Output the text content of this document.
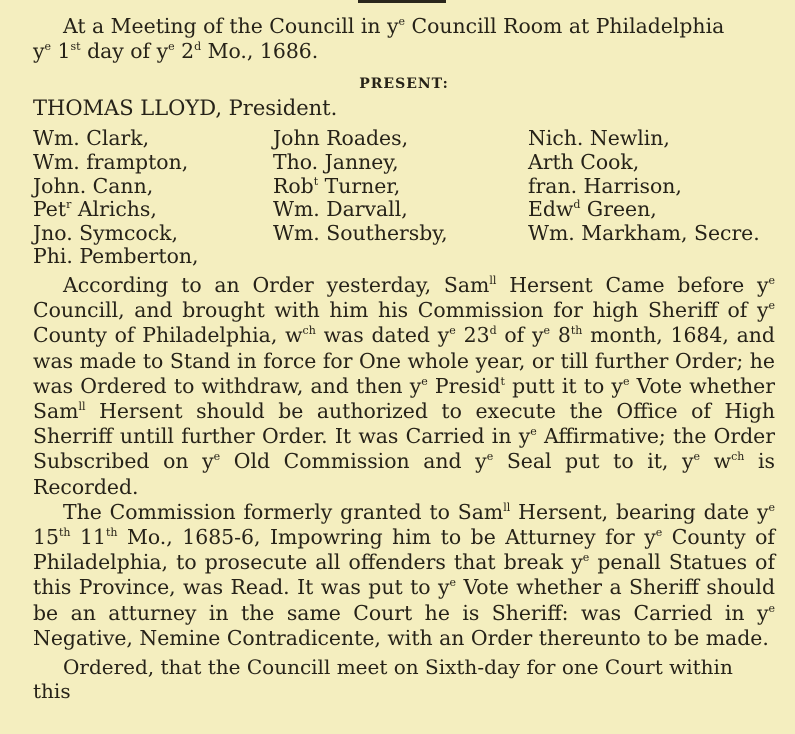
At a Meeting of the Councill in $y^e$ Councill Room at Philadelphia
$y^e$ 1st day of $y^e$ 2$^d$ Mo., 1686.

PRESENT:
THOMAS LLOYD, President.
Wm. Clark,	John Roades,	Nich. Newlin,
Wm. frampton,	Tho. Janney,	Arth Cook,
John. Cann,	Rob$^t$ Turner,	fran. Harrison,
Pet$^r$ Alrichs,	Wm. Darvall,	Edw$^d$ Green,
Jno. Symcock,	Wm. Southersby,	Wm. Markham, Secre.
Phi. Pemberton,

According to an Order yesterday, Sam$^{ll}$ Hersent Came before $y^e$ Councill, and brought with him his Commission for high Sheriff of $y^e$ County of Philadelphia, $w^{ch}$ was dated $y^e$ 23$^d$ of $y^e$ 8th month, 1684, and was made to Stand in force for One whole year, or till further Order; he was Ordered to withdraw, and then $y^e$ Presid$^t$ putt it to $y^e$ Vote whether Sam$^{ll}$ Hersent should be authorized to execute the Office of High Sherriff untill further Order. It was Carried in $y^e$ Affirmative; the Order Subscribed on $y^e$ Old Commission and $y^e$ Seal put to it, $y^e$ $w^{ch}$ is Recorded.

The Commission formerly granted to Sam$^{ll}$ Hersent, bearing date $y^e$ 15th 11th Mo., 1685-6, Impowring him to be Atturney for $y^e$ County of Philadelphia, to prosecute all offenders that break $y^e$ penall Statues of this Province, was Read. It was put to $y^e$ Vote whether a Sheriff should be an atturney in the same Court he is Sheriff: was Carried in $y^e$ Negative, Nemine Contradicente, with an Order thereunto to be made.

Ordered, that the Councill meet on Sixth-day for one Court within this
